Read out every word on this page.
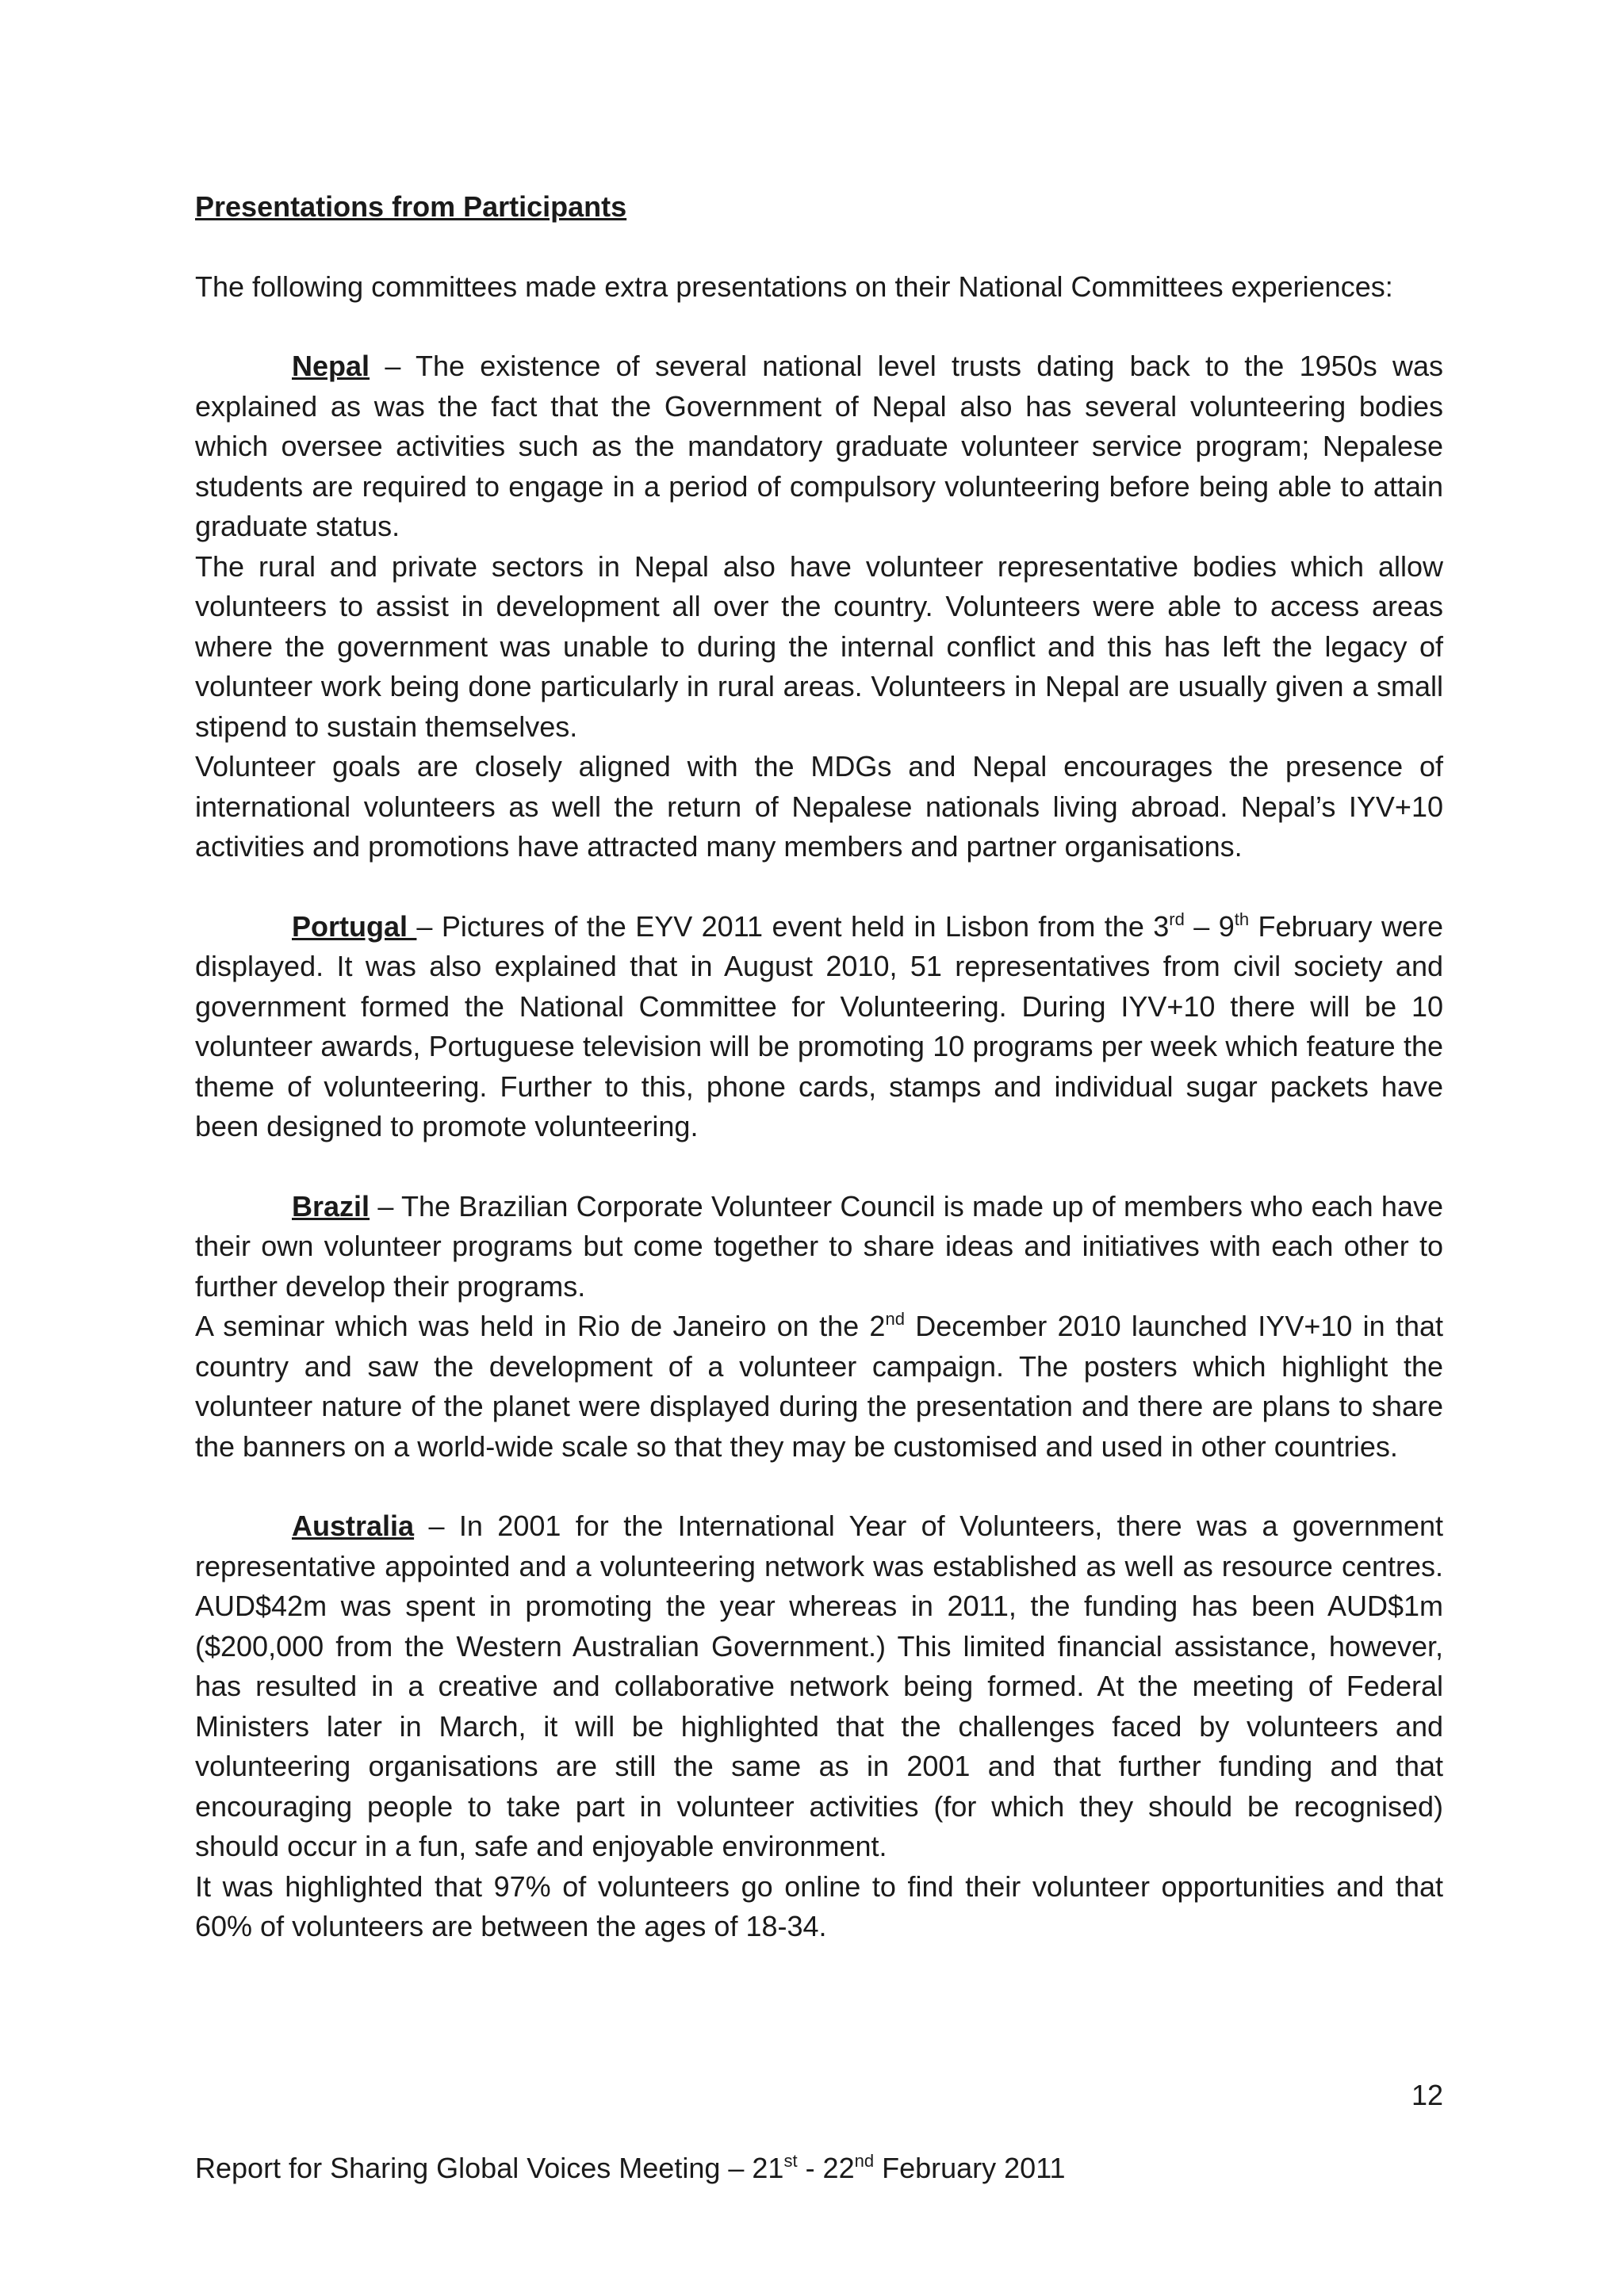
Presentations from Participants

The following committees made extra presentations on their National Committees experiences:

Nepal – The existence of several national level trusts dating back to the 1950s was explained as was the fact that the Government of Nepal also has several volunteering bodies which oversee activities such as the mandatory graduate volunteer service program; Nepalese students are required to engage in a period of compulsory volunteering before being able to attain graduate status.

The rural and private sectors in Nepal also have volunteer representative bodies which allow volunteers to assist in development all over the country. Volunteers were able to access areas where the government was unable to during the internal conflict and this has left the legacy of volunteer work being done particularly in rural areas. Volunteers in Nepal are usually given a small stipend to sustain themselves.

Volunteer goals are closely aligned with the MDGs and Nepal encourages the presence of international volunteers as well the return of Nepalese nationals living abroad. Nepal’s IYV+10 activities and promotions have attracted many members and partner organisations.

Portugal – Pictures of the EYV 2011 event held in Lisbon from the 3rd – 9th February were displayed. It was also explained that in August 2010, 51 representatives from civil society and government formed the National Committee for Volunteering. During IYV+10 there will be 10 volunteer awards, Portuguese television will be promoting 10 programs per week which feature the theme of volunteering. Further to this, phone cards, stamps and individual sugar packets have been designed to promote volunteering.

Brazil – The Brazilian Corporate Volunteer Council is made up of members who each have their own volunteer programs but come together to share ideas and initiatives with each other to further develop their programs.

A seminar which was held in Rio de Janeiro on the 2nd December 2010 launched IYV+10 in that country and saw the development of a volunteer campaign. The posters which highlight the volunteer nature of the planet were displayed during the presentation and there are plans to share the banners on a world-wide scale so that they may be customised and used in other countries.

Australia – In 2001 for the International Year of Volunteers, there was a government representative appointed and a volunteering network was established as well as resource centres. AUD$42m was spent in promoting the year whereas in 2011, the funding has been AUD$1m ($200,000 from the Western Australian Government.) This limited financial assistance, however, has resulted in a creative and collaborative network being formed. At the meeting of Federal Ministers later in March, it will be highlighted that the challenges faced by volunteers and volunteering organisations are still the same as in 2001 and that further funding and that encouraging people to take part in volunteer activities (for which they should be recognised) should occur in a fun, safe and enjoyable environment.

It was highlighted that 97% of volunteers go online to find their volunteer opportunities and that 60% of volunteers are between the ages of 18-34.

12
Report for Sharing Global Voices Meeting – 21st - 22nd February 2011
